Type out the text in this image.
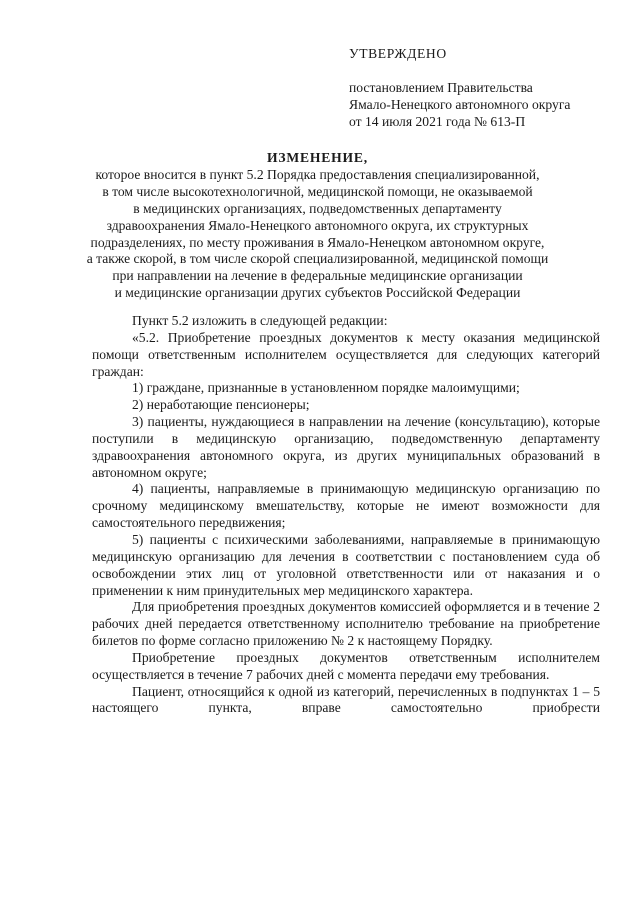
УТВЕРЖДЕНО
постановлением Правительства
Ямало-Ненецкого автономного округа
от 14 июля 2021 года № 613-П
ИЗМЕНЕНИЕ,
которое вносится в пункт 5.2 Порядка предоставления специализированной,
в том числе высокотехнологичной, медицинской помощи, не оказываемой
в медицинских организациях, подведомственных департаменту
здравоохранения Ямало-Ненецкого автономного округа, их структурных
подразделениях, по месту проживания в Ямало-Ненецком автономном округе,
а также скорой, в том числе скорой специализированной, медицинской помощи
при направлении на лечение в федеральные медицинские организации
и медицинские организации других субъектов Российской Федерации
Пункт 5.2 изложить в следующей редакции:
«5.2. Приобретение проездных документов к месту оказания медицинской помощи ответственным исполнителем осуществляется для следующих категорий граждан:
1) граждане, признанные в установленном порядке малоимущими;
2) неработающие пенсионеры;
3) пациенты, нуждающиеся в направлении на лечение (консультацию), которые поступили в медицинскую организацию, подведомственную департаменту здравоохранения автономного округа, из других муниципальных образований в автономном округе;
4) пациенты, направляемые в принимающую медицинскую организацию по срочному медицинскому вмешательству, которые не имеют возможности для самостоятельного передвижения;
5) пациенты с психическими заболеваниями, направляемые в принимающую медицинскую организацию для лечения в соответствии с постановлением суда об освобождении этих лиц от уголовной ответственности или от наказания и о применении к ним принудительных мер медицинского характера.
Для приобретения проездных документов комиссией оформляется и в течение 2 рабочих дней передается ответственному исполнителю требование на приобретение билетов по форме согласно приложению № 2 к настоящему Порядку.
Приобретение проездных документов ответственным исполнителем осуществляется в течение 7 рабочих дней с момента передачи ему требования.
Пациент, относящийся к одной из категорий, перечисленных в подпунктах 1 – 5 настоящего пункта, вправе самостоятельно приобрести
